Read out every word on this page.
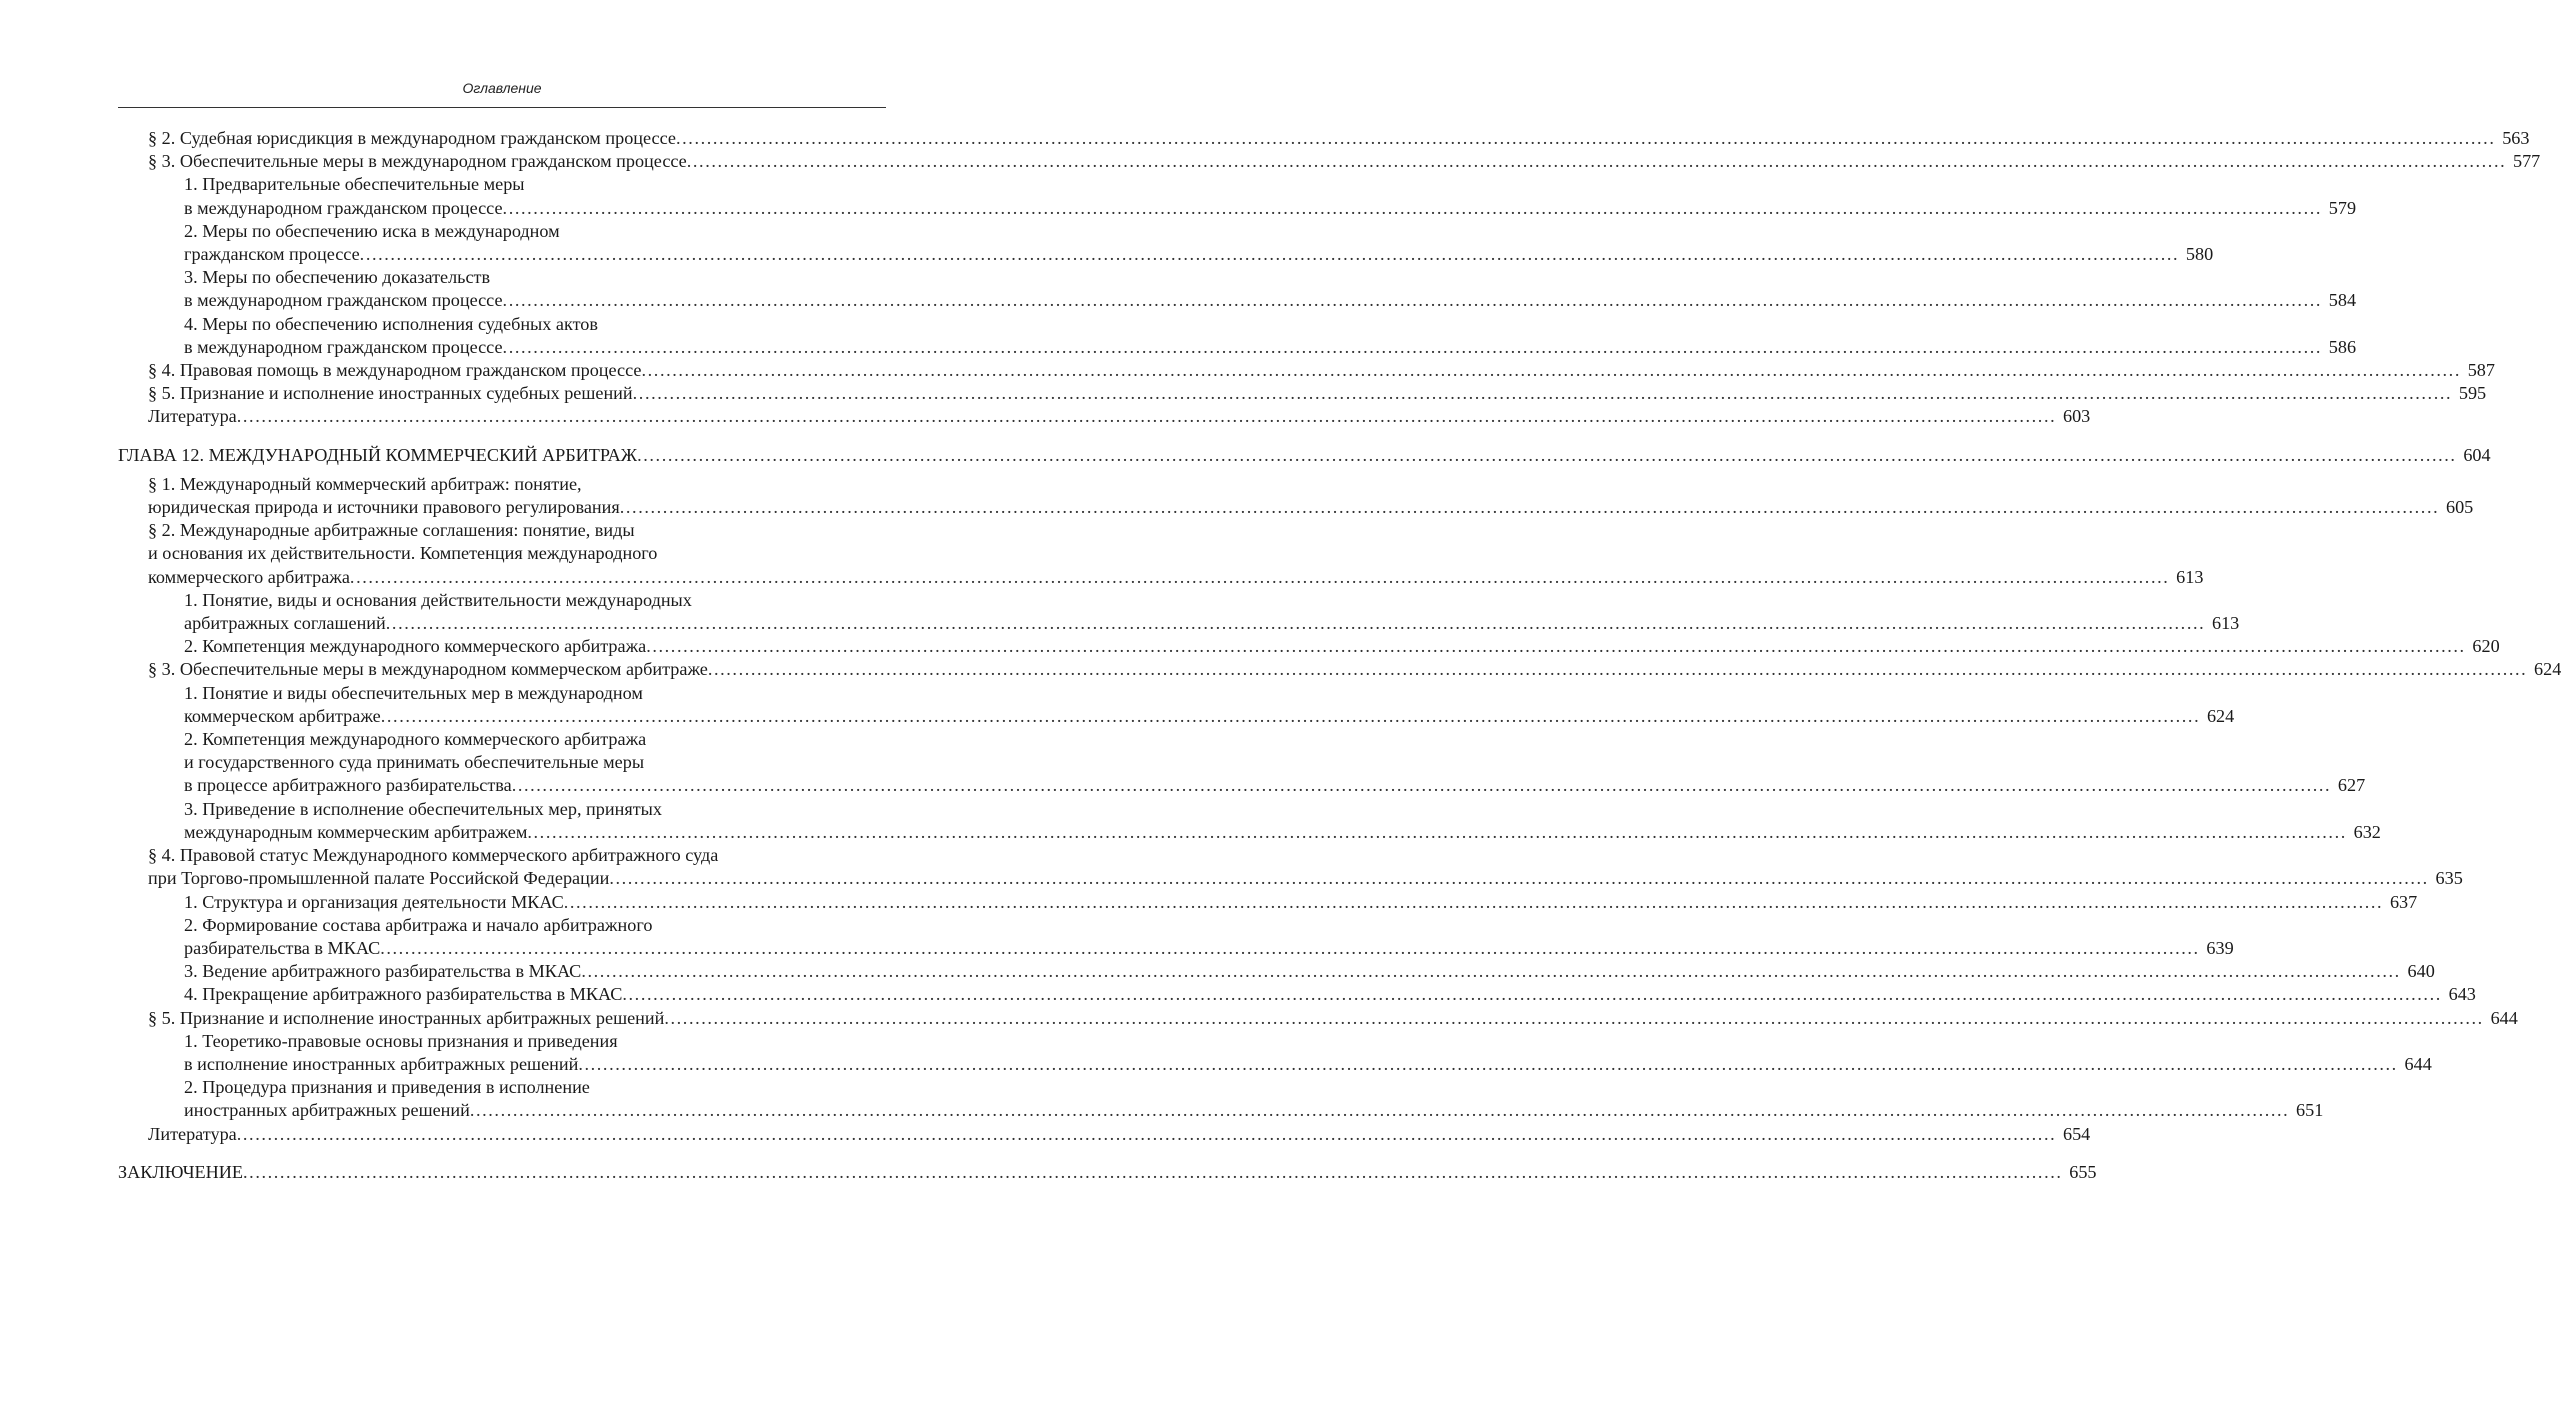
Оглавление
§ 2. Судебная юрисдикция в международном гражданском процессе .....	563
§ 3. Обеспечительные меры в международном гражданском процессе .....	577
1. Предварительные обеспечительные меры
в международном гражданском процессе .....	579
2. Меры по обеспечению иска в международном
гражданском процессе .....	580
3. Меры по обеспечению доказательств
в международном гражданском процессе .....	584
4. Меры по обеспечению исполнения судебных актов
в международном гражданском процессе .....	586
§ 4. Правовая помощь в международном гражданском процессе .....	587
§ 5. Признание и исполнение иностранных судебных решений .....	595
Литература .....	603
ГЛАВА 12. МЕЖДУНАРОДНЫЙ КОММЕРЧЕСКИЙ АРБИТРАЖ .....	604
§ 1. Международный коммерческий арбитраж: понятие,
юридическая природа и источники правового регулирования .....	605
§ 2. Международные арбитражные соглашения: понятие, виды
и основания их действительности. Компетенция международного
коммерческого арбитража .....	613
1. Понятие, виды и основания действительности международных
арбитражных соглашений .....	613
2. Компетенция международного коммерческого арбитража .....	620
§ 3. Обеспечительные меры в международном коммерческом арбитраже .....	624
1. Понятие и виды обеспечительных мер в международном
коммерческом арбитраже .....	624
2. Компетенция международного коммерческого арбитража
и государственного суда принимать обеспечительные меры
в процессе арбитражного разбирательства .....	627
3. Приведение в исполнение обеспечительных мер, принятых
международным коммерческим арбитражем .....	632
§ 4. Правовой статус Международного коммерческого арбитражного суда
при Торгово-промышленной палате Российской Федерации .....	635
1. Структура и организация деятельности МКАС .....	637
2. Формирование состава арбитража и начало арбитражного
разбирательства в МКАС .....	639
3. Ведение арбитражного разбирательства в МКАС .....	640
4. Прекращение арбитражного разбирательства в МКАС .....	643
§ 5. Признание и исполнение иностранных арбитражных решений .....	644
1. Теоретико-правовые основы признания и приведения
в исполнение иностранных арбитражных решений .....	644
2. Процедура признания и приведения в исполнение
иностранных арбитражных решений .....	651
Литература .....	654
ЗАКЛЮЧЕНИЕ .....	655
